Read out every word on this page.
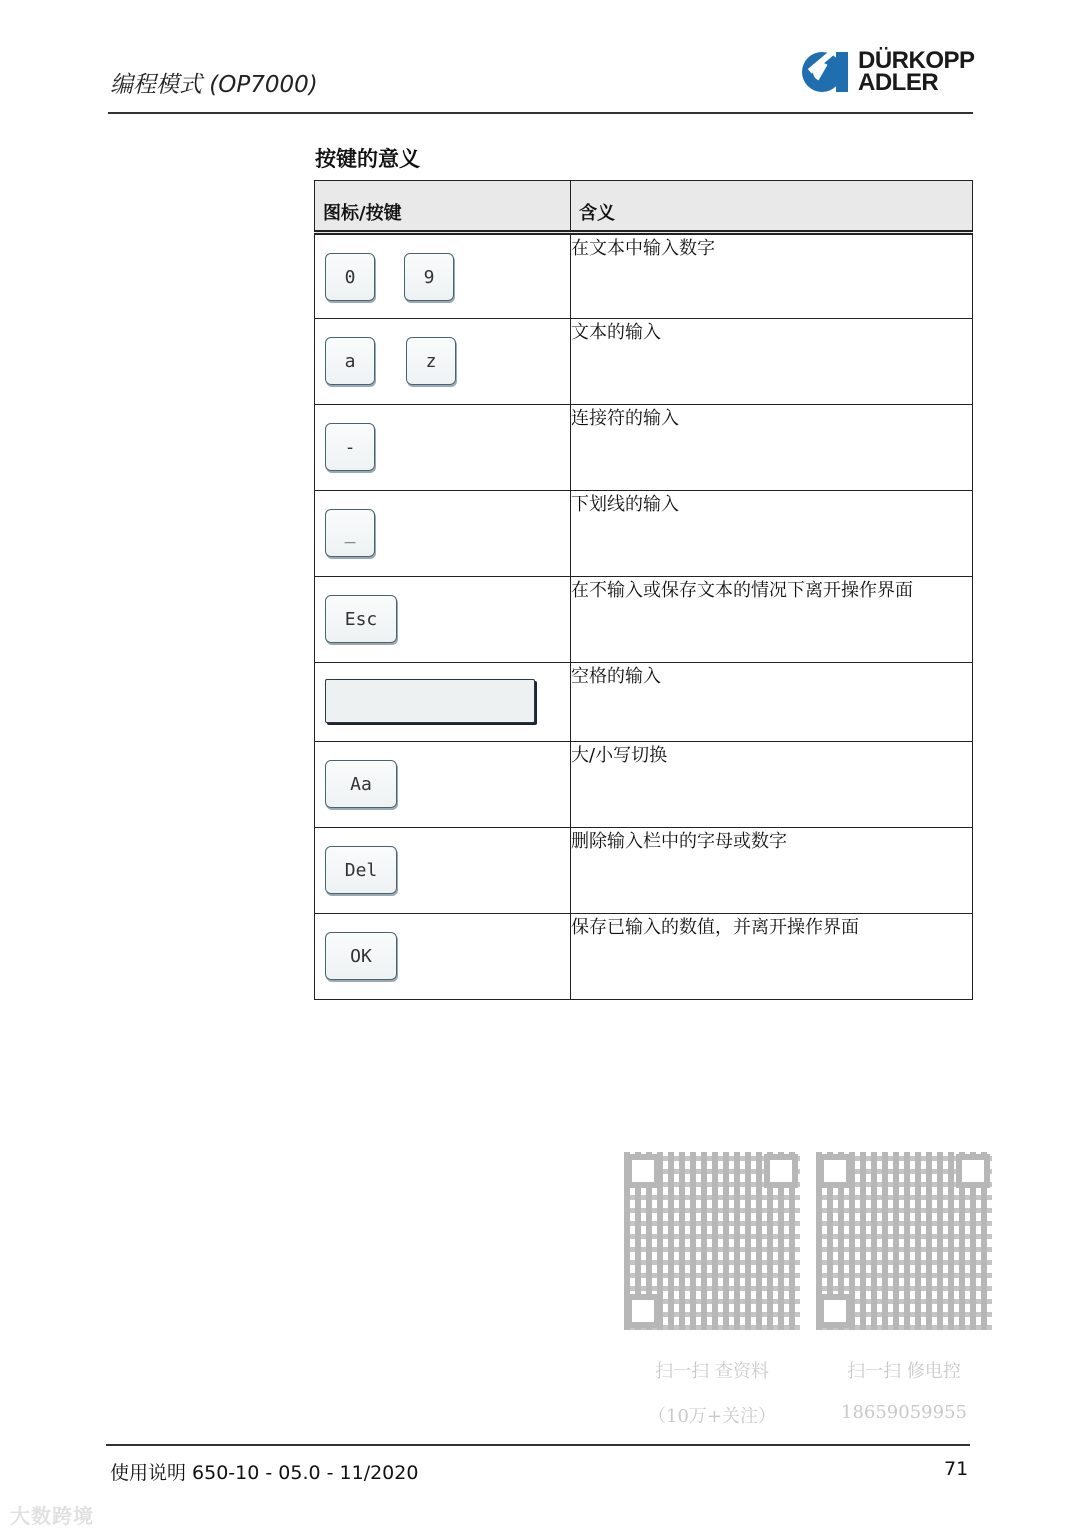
编程模式 (OP7000)
DÜRKOPP
ADLER
按键的意义
图标/按键	含义

0 9	在文本中输入数字

a z	文本的输入

-	连接符的输入

_	下划线的输入

Esc	在不输入或保存文本的情况下离开操作界面

	空格的输入

Aa	大/小写切换

Del	删除输入栏中的字母或数字

OK	保存已输入的数值，并离开操作界面
扫一扫 查资料
（10万+关注）
扫一扫 修电控
18659059955
使用说明 650-10 - 05.0 - 11/2020	71
大数跨境
